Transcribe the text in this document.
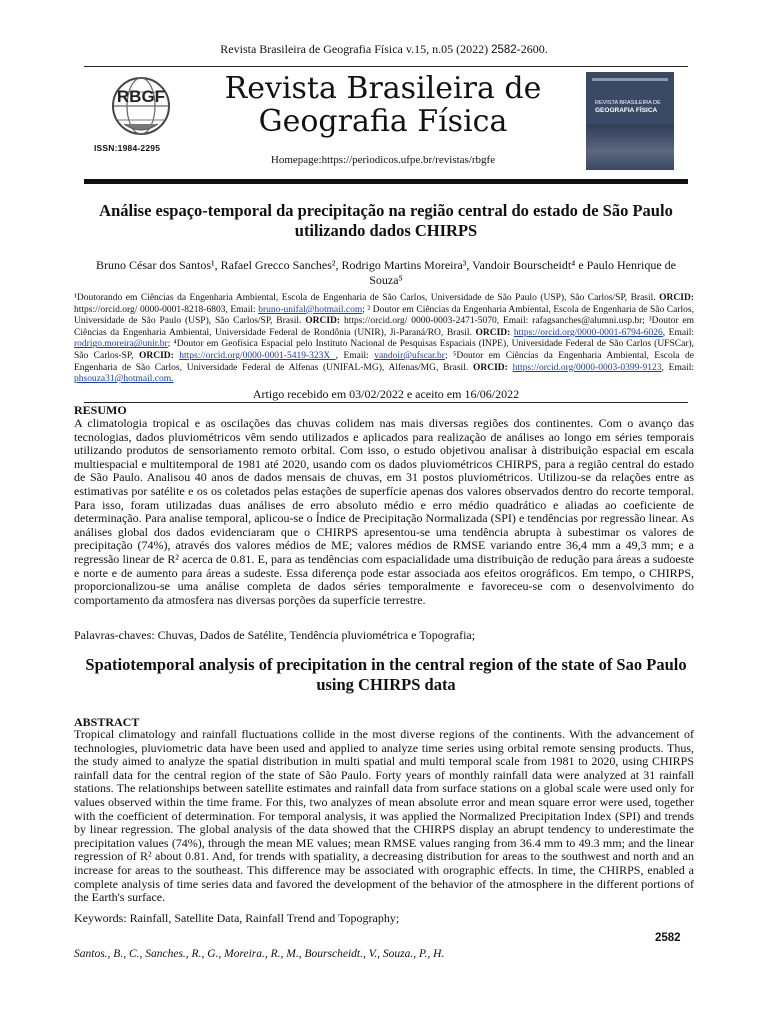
Revista Brasileira de Geografia Física v.15, n.05 (2022) 2582-2600.
RBGF
ISSN:1984-2295
Revista Brasileira de
Geografia Física
Homepage:https://periodicos.ufpe.br/revistas/rbgfe
REVISTA BRASILEIRA DE
GEOGRAFIA FÍSICA
Análise espaço-temporal da precipitação na região central do estado de São Paulo utilizando dados CHIRPS
Bruno César dos Santos¹, Rafael Grecco Sanches², Rodrigo Martins Moreira³, Vandoir Bourscheidt⁴ e Paulo Henrique de Souza⁵
¹Doutorando em Ciências da Engenharia Ambiental, Escola de Engenharia de São Carlos, Universidade de São Paulo (USP), São Carlos/SP, Brasil. ORCID: https://orcid.org/ 0000-0001-8218-6803, Email: bruno-unifal@hotmail.com; ² Doutor em Ciências da Engenharia Ambiental, Escola de Engenharia de São Carlos, Universidade de São Paulo (USP), São Carlos/SP, Brasil. ORCID: https://orcid.org/ 0000-0003-2471-5070, Email: rafagsanches@alumni.usp.br; ³Doutor em Ciências da Engenharia Ambiental, Universidade Federal de Rondônia (UNIR), Ji-Paraná/RO, Brasil. ORCID: https://orcid.org/0000-0001-6794-6026, Email: rodrigo.moreira@unir.br; ⁴Doutor em Geofísica Espacial pelo Instituto Nacional de Pesquisas Espaciais (INPE), Universidade Federal de São Carlos (UFSCar), São Carlos-SP, ORCID: https://orcid.org/0000-0001-5419-323X , Email: vandoir@ufscar.br; ⁵Doutor em Ciências da Engenharia Ambiental, Escola de Engenharia de São Carlos, Universidade Federal de Alfenas (UNIFAL-MG), Alfenas/MG, Brasil. ORCID: https://orcid.org/0000-0003-0399-9123, Email: phsouza31@hotmail.com.
Artigo recebido em 03/02/2022 e aceito em 16/06/2022
RESUMO
A climatologia tropical e as oscilações das chuvas colidem nas mais diversas regiões dos continentes. Com o avanço das tecnologias, dados pluviométricos vêm sendo utilizados e aplicados para realização de análises ao longo em séries temporais utilizando produtos de sensoriamento remoto orbital. Com isso, o estudo objetivou analisar à distribuição espacial em escala multiespacial e multitemporal de 1981 até 2020, usando com os dados pluviométricos CHIRPS, para a região central do estado de São Paulo. Analisou 40 anos de dados mensais de chuvas, em 31 postos pluviométricos. Utilizou-se da relações entre as estimativas por satélite e os os coletados pelas estações de superfície apenas dos valores observados dentro do recorte temporal. Para isso, foram utilizadas duas análises de erro absoluto médio e erro médio quadrático e aliadas ao coeficiente de determinação. Para analise temporal, aplicou-se o Índice de Precipitação Normalizada (SPI) e tendências por regressão linear. As análises global dos dados evidenciaram que o CHIRPS apresentou-se uma tendência abrupta à subestimar os valores de precipitação (74%), através dos valores médios de ME; valores médios de RMSE variando entre 36,4 mm a 49,3 mm; e a regressão linear de R² acerca de 0.81. E, para as tendências com espacialidade uma distribuição de redução para áreas a sudoeste e norte e de aumento para áreas a sudeste. Essa diferença pode estar associada aos efeitos orográficos. Em tempo, o CHIRPS, proporcionalizou-se uma análise completa de dados séries temporalmente e favoreceu-se com o desenvolvimento do comportamento da atmosfera nas diversas porções da superfície terrestre.
Palavras-chaves: Chuvas, Dados de Satélite, Tendência pluviométrica e Topografia;
Spatiotemporal analysis of precipitation in the central region of the state of Sao Paulo using CHIRPS data
ABSTRACT
Tropical climatology and rainfall fluctuations collide in the most diverse regions of the continents. With the advancement of technologies, pluviometric data have been used and applied to analyze time series using orbital remote sensing products. Thus, the study aimed to analyze the spatial distribution in multi spatial and multi temporal scale from 1981 to 2020, using CHIRPS rainfall data for the central region of the state of São Paulo. Forty years of monthly rainfall data were analyzed at 31 rainfall stations. The relationships between satellite estimates and rainfall data from surface stations on a global scale were used only for values observed within the time frame. For this, two analyzes of mean absolute error and mean square error were used, together with the coefficient of determination. For temporal analysis, it was applied the Normalized Precipitation Index (SPI) and trends by linear regression. The global analysis of the data showed that the CHIRPS display an abrupt tendency to underestimate the precipitation values (74%), through the mean ME values; mean RMSE values ranging from 36.4 mm to 49.3 mm; and the linear regression of R² about 0.81. And, for trends with spatiality, a decreasing distribution for areas to the southwest and north and an increase for areas to the southeast. This difference may be associated with orographic effects. In time, the CHIRPS, enabled a complete analysis of time series data and favored the development of the behavior of the atmosphere in the different portions of the Earth's surface.
Keywords: Rainfall, Satellite Data, Rainfall Trend and Topography;
2582
Santos., B., C., Sanches., R., G., Moreira., R., M., Bourscheidt., V., Souza., P., H.
